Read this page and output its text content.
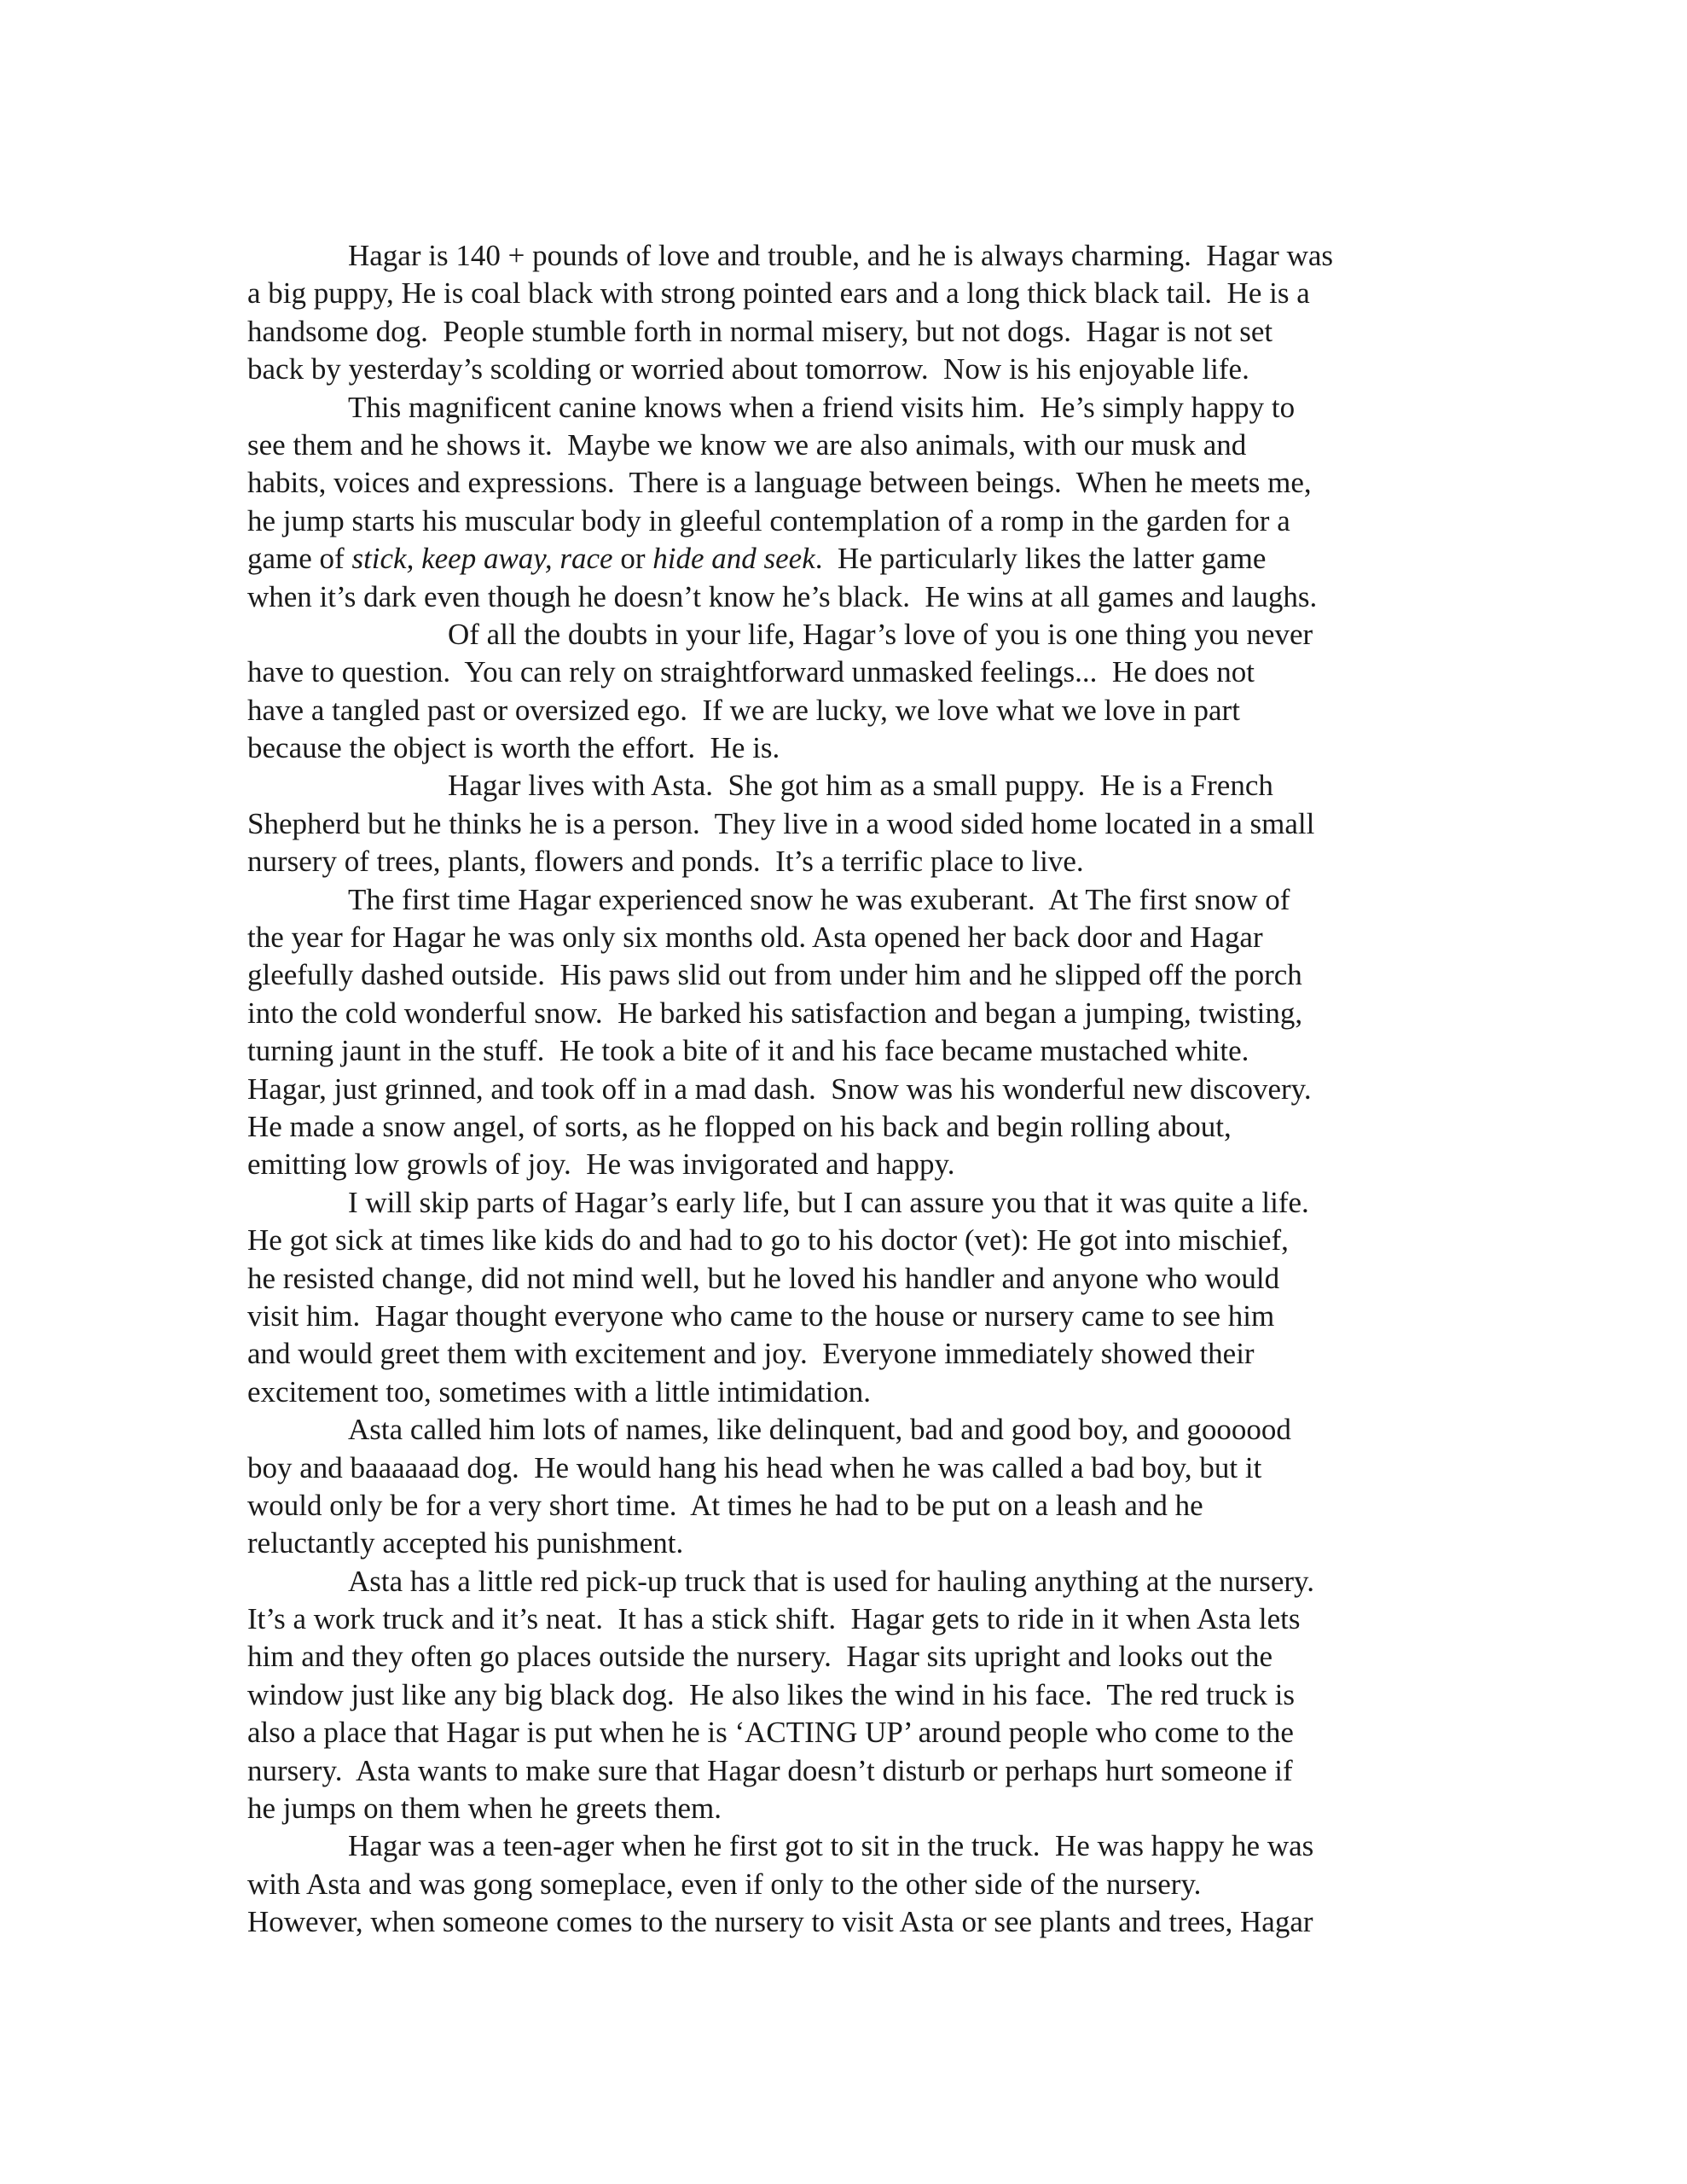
Hagar is 140 + pounds of love and trouble, and he is always charming.  Hagar was
a big puppy, He is coal black with strong pointed ears and a long thick black tail.  He is a
handsome dog.  People stumble forth in normal misery, but not dogs.  Hagar is not set
back by yesterday’s scolding or worried about tomorrow.  Now is his enjoyable life.
This magnificent canine knows when a friend visits him.  He’s simply happy to
see them and he shows it.  Maybe we know we are also animals, with our musk and
habits, voices and expressions.  There is a language between beings.  When he meets me,
he jump starts his muscular body in gleeful contemplation of a romp in the garden for a
game of stick, keep away, race or hide and seek.  He particularly likes the latter game
when it’s dark even though he doesn’t know he’s black.  He wins at all games and laughs.
Of all the doubts in your life, Hagar’s love of you is one thing you never
have to question.  You can rely on straightforward unmasked feelings...  He does not
have a tangled past or oversized ego.  If we are lucky, we love what we love in part
because the object is worth the effort.  He is.
Hagar lives with Asta.  She got him as a small puppy.  He is a French
Shepherd but he thinks he is a person.  They live in a wood sided home located in a small
nursery of trees, plants, flowers and ponds.  It’s a terrific place to live.
The first time Hagar experienced snow he was exuberant.  At The first snow of
the year for Hagar he was only six months old. Asta opened her back door and Hagar
gleefully dashed outside.  His paws slid out from under him and he slipped off the porch
into the cold wonderful snow.  He barked his satisfaction and began a jumping, twisting,
turning jaunt in the stuff.  He took a bite of it and his face became mustached white.
Hagar, just grinned, and took off in a mad dash.  Snow was his wonderful new discovery.
He made a snow angel, of sorts, as he flopped on his back and begin rolling about,
emitting low growls of joy.  He was invigorated and happy.
I will skip parts of Hagar’s early life, but I can assure you that it was quite a life.
He got sick at times like kids do and had to go to his doctor (vet): He got into mischief,
he resisted change, did not mind well, but he loved his handler and anyone who would
visit him.  Hagar thought everyone who came to the house or nursery came to see him
and would greet them with excitement and joy.  Everyone immediately showed their
excitement too, sometimes with a little intimidation.
Asta called him lots of names, like delinquent, bad and good boy, and goooood
boy and baaaaaad dog.  He would hang his head when he was called a bad boy, but it
would only be for a very short time.  At times he had to be put on a leash and he
reluctantly accepted his punishment.
Asta has a little red pick-up truck that is used for hauling anything at the nursery.
It’s a work truck and it’s neat.  It has a stick shift.  Hagar gets to ride in it when Asta lets
him and they often go places outside the nursery.  Hagar sits upright and looks out the
window just like any big black dog.  He also likes the wind in his face.  The red truck is
also a place that Hagar is put when he is ‘ACTING UP’ around people who come to the
nursery.  Asta wants to make sure that Hagar doesn’t disturb or perhaps hurt someone if
he jumps on them when he greets them.
Hagar was a teen-ager when he first got to sit in the truck.  He was happy he was
with Asta and was gong someplace, even if only to the other side of the nursery.
However, when someone comes to the nursery to visit Asta or see plants and trees, Hagar
